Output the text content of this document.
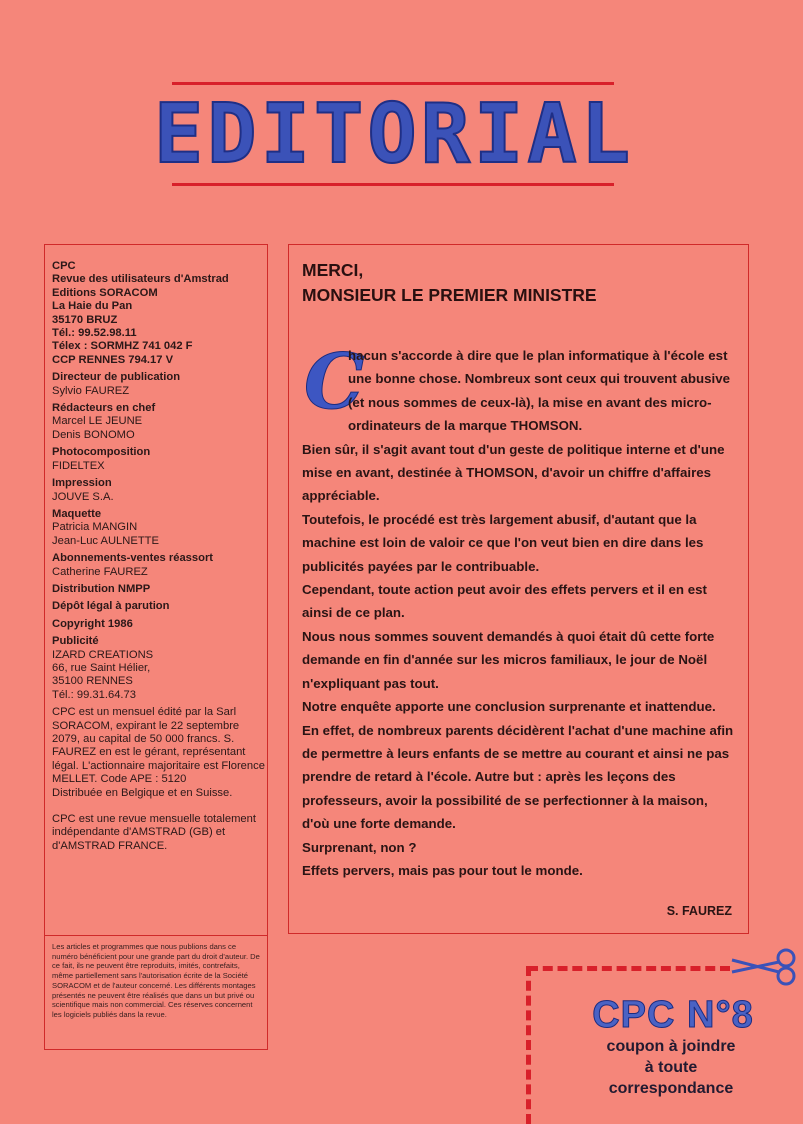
EDITORIAL
CPC
Revue des utilisateurs d'Amstrad
Editions SORACOM
La Haie du Pan
35170 BRUZ
Tél.: 99.52.98.11
Télex : SORMHZ 741 042 F
CCP RENNES 794.17 V
Directeur de publication
Sylvio FAUREZ
Rédacteurs en chef
Marcel LE JEUNE
Denis BONOMO
Photocomposition
FIDELTEX
Impression
JOUVE S.A.
Maquette
Patricia MANGIN
Jean-Luc AULNETTE
Abonnements-ventes réassort
Catherine FAUREZ
Distribution NMPP
Dépôt légal à parution
Copyright 1986
Publicité
IZARD CREATIONS
66, rue Saint Hélier,
35100 RENNES
Tél.: 99.31.64.73
CPC est un mensuel édité par la Sarl SORACOM, expirant le 22 septembre 2079, au capital de 50 000 francs. S. FAUREZ en est le gérant, représentant légal. L'actionnaire majoritaire est Florence MELLET. Code APE : 5120
Distribuée en Belgique et en Suisse.
CPC est une revue mensuelle totalement indépendante d'AMSTRAD (GB) et d'AMSTRAD FRANCE.
Les articles et programmes que nous publions dans ce numéro bénéficient pour une grande part du droit d'auteur. De ce fait, ils ne peuvent être reproduits, imités, contrefaits, même partiellement sans l'autorisation écrite de la Société SORACOM et de l'auteur concerné. Les différents montages présentés ne peuvent être réalisés que dans un but privé ou scientifique mais non commercial. Ces réserves concernent les logiciels publiés dans la revue.
MERCI,
MONSIEUR LE PREMIER MINISTRE
C

hacun s'accorde à dire que le plan informatique à l'école est une bonne chose. Nombreux sont ceux qui trouvent abusive (et nous sommes de ceux-là), la mise en avant des micro-ordinateurs de la marque THOMSON.

Bien sûr, il s'agit avant tout d'un geste de politique interne et d'une mise en avant, destinée à THOMSON, d'avoir un chiffre d'affaires appréciable.

Toutefois, le procédé est très largement abusif, d'autant que la machine est loin de valoir ce que l'on veut bien en dire dans les publicités payées par le contribuable.

Cependant, toute action peut avoir des effets pervers et il en est ainsi de ce plan.

Nous nous sommes souvent demandés à quoi était dû cette forte demande en fin d'année sur les micros familiaux, le jour de Noël n'expliquant pas tout.

Notre enquête apporte une conclusion surprenante et inattendue.

En effet, de nombreux parents décidèrent l'achat d'une machine afin de permettre à leurs enfants de se mettre au courant et ainsi ne pas prendre de retard à l'école. Autre but : après les leçons des professeurs, avoir la possibilité de se perfectionner à la maison, d'où une forte demande.

Surprenant, non ?

Effets pervers, mais pas pour tout le monde.

S. FAUREZ
CPC N°8
coupon à joindre
à toute
correspondance
